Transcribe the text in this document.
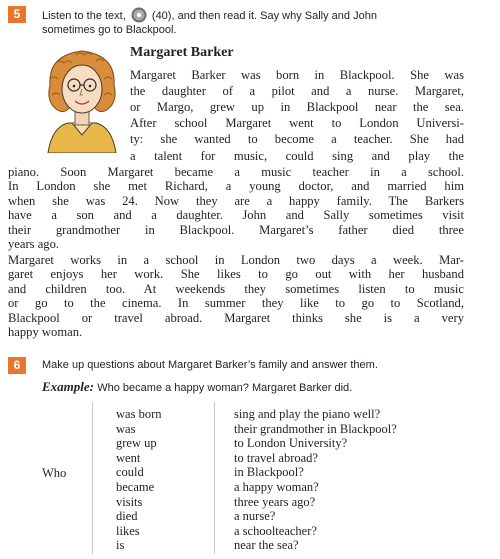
5	Listen to the text, (40), and then read it. Say why Sally and John
sometimes go to Blackpool.
Margaret Barker
Margaret Barker was born in Blackpool. She was
the daughter of a pilot and a nurse. Margaret,
or Margo, grew up in Blackpool near the sea.
After school Margaret went to London Universi-
ty: she wanted to become a teacher. She had
a talent for music, could sing and play the
piano. Soon Margaret became a music teacher in a school.
In London she met Richard, a young doctor, and married him
when she was 24. Now they are a happy family. The Barkers
have a son and a daughter. John and Sally sometimes visit
their grandmother in Blackpool. Margaret’s father died three
years ago.
Margaret works in a school in London two days a week. Mar-
garet enjoys her work. She likes to go out with her husband
and children too. At weekends they sometimes listen to music
or go to the cinema. In summer they like to go to Scotland,
Blackpool or travel abroad. Margaret thinks she is a very
happy woman.
6	Make up questions about Margaret Barker’s family and answer them.
Example: Who became a happy woman? Margaret Barker did.
Who
was born
was
grew up
went
could
became
visits
died
likes
is
sing and play the piano well?
their grandmother in Blackpool?
to London University?
to travel abroad?
in Blackpool?
a happy woman?
three years ago?
a nurse?
a schoolteacher?
near the sea?
